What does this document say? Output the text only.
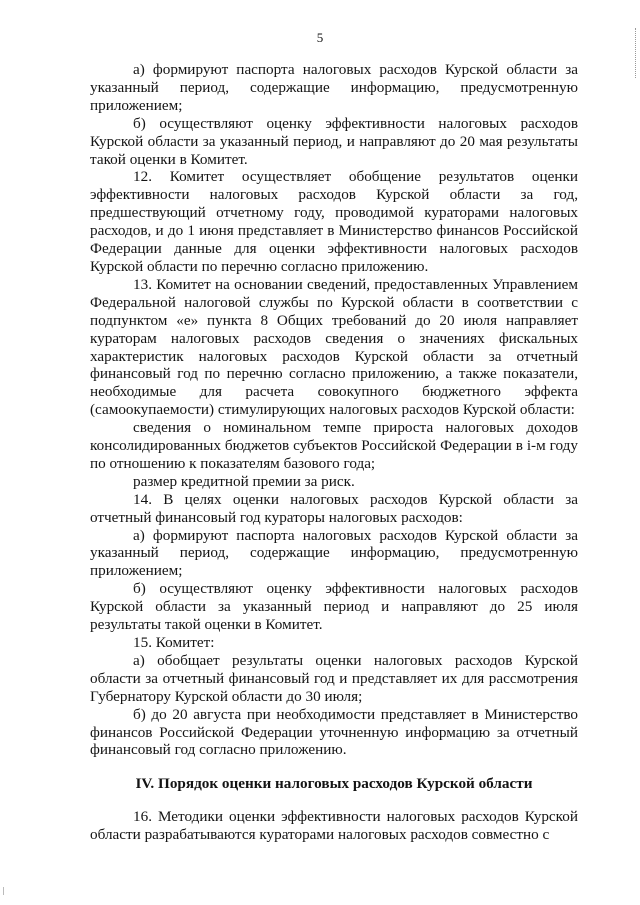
5

а) формируют паспорта налоговых расходов Курской области за указанный период, содержащие информацию, предусмотренную приложением;

б) осуществляют оценку эффективности налоговых расходов Курской области за указанный период, и направляют до 20 мая результаты такой оценки в Комитет.

12. Комитет осуществляет обобщение результатов оценки эффективности налоговых расходов Курской области за год, предшествующий отчетному году, проводимой кураторами налоговых расходов, и до 1 июня представляет в Министерство финансов Российской Федерации данные для оценки эффективности налоговых расходов Курской области по перечню согласно приложению.

13. Комитет на основании сведений, предоставленных Управлением Федеральной налоговой службы по Курской области в соответствии с подпунктом «е» пункта 8 Общих требований до 20 июля направляет кураторам налоговых расходов сведения о значениях фискальных характеристик налоговых расходов Курской области за отчетный финансовый год по перечню согласно приложению, а также показатели, необходимые для расчета совокупного бюджетного эффекта (самоокупаемости) стимулирующих налоговых расходов Курской области:

сведения о номинальном темпе прироста налоговых доходов консолидированных бюджетов субъектов Российской Федерации в i-м году по отношению к показателям базового года;

размер кредитной премии за риск.

14. В целях оценки налоговых расходов Курской области за отчетный финансовый год кураторы налоговых расходов:

а) формируют паспорта налоговых расходов Курской области за указанный период, содержащие информацию, предусмотренную приложением;

б) осуществляют оценку эффективности налоговых расходов Курской области за указанный период и направляют до 25 июля результаты такой оценки в Комитет.

15. Комитет:

а) обобщает результаты оценки налоговых расходов Курской области за отчетный финансовый год и представляет их для рассмотрения Губернатору Курской области до 30 июля;

б) до 20 августа при необходимости представляет в Министерство финансов Российской Федерации уточненную информацию за отчетный финансовый год согласно приложению.

IV. Порядок оценки налоговых расходов Курской области

16. Методики оценки эффективности налоговых расходов Курской области разрабатываются кураторами налоговых расходов совместно с
